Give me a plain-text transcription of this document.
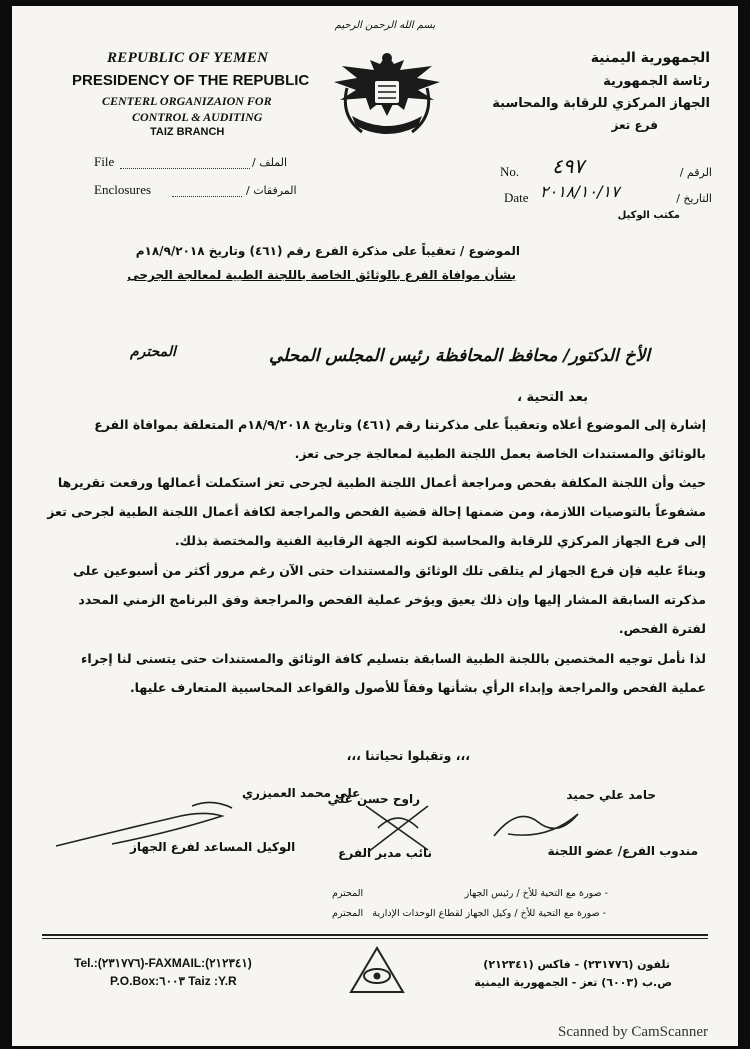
REPUBLIC OF YEMEN
PRESIDENCY OF THE REPUBLIC
CENTERL ORGANIZAION FOR
CONTROL & AUDITING
TAIZ BRANCH
بسم الله الرحمن الرحيم
الجمهورية اليمنية
رئاسة الجمهورية
الجهاز المركزي للرقابة والمحاسبة
فرع تعز
File	الملف /
Enclosures	المرفقات /
No. ٤٩٧	الرقم /
Date ٢٠١٨/١٠/١٧	التاريخ /
مكتب الوكيل
الموضوع / تعقيباً على مذكرة الفرع رقم (٤٦١) وتاريخ ١٨/٩/٢٠١٨م
بشأن موافاة الفرع بالوثائق الخاصة باللجنة الطبية لمعالجة الجرحى
الأخ الدكتور/ محافظ المحافظة رئيس المجلس المحلي
المحترم
بعد التحية ،
إشارة إلى الموضوع أعلاه وتعقيباً على مذكرتنا رقم (٤٦١) وتاريخ ١٨/٩/٢٠١٨م المتعلقة بموافاة الفرع بالوثائق والمستندات الخاصة بعمل اللجنة الطبية لمعالجة جرحى تعز.
حيث وأن اللجنة المكلفة بفحص ومراجعة أعمال اللجنة الطبية لجرحى تعز استكملت أعمالها ورفعت تقريرها مشفوعاً بالتوصيات اللازمة، ومن ضمنها إحالة قضية الفحص والمراجعة لكافة أعمال اللجنة الطبية لجرحى تعز إلى فرع الجهاز المركزي للرقابة والمحاسبة لكونه الجهة الرقابية الفنية والمختصة بذلك.
وبناءً عليه فإن فرع الجهاز لم يتلقى تلك الوثائق والمستندات حتى الآن رغم مرور أكثر من أسبوعين على مذكرته السابقة المشار إليها وإن ذلك يعيق ويؤخر عملية الفحص والمراجعة وفق البرنامج الزمني المحدد لفترة الفحص.
لذا نأمل توجيه المختصين باللجنة الطبية السابقة بتسليم كافة الوثائق والمستندات حتى يتسنى لنا إجراء عملية الفحص والمراجعة وإبداء الرأي بشأنها وفقاً للأصول والقواعد المحاسبية المتعارف عليها.
،،، وتقبلوا تحياتنا ،،،
حامد علي حميد
مندوب الفرع/ عضو اللجنة
راوح حسن علي
نائب مدير الفرع
علي محمد العميزري
الوكيل المساعد لفرع الجهاز
- صورة مع التحية للأخ / رئيس الجهاز
المحترم
- صورة مع التحية للأخ / وكيل الجهاز لقطاع الوحدات الإدارية
المحترم
Tel.:(٢٣١٧٧٦)-FAXMAIL:(٢١٢٣٤١)
P.O.Box:٦٠٠٣ Taiz :Y.R
تلفون (٢٣١٧٧٦) - فاكس (٢١٢٣٤١)
ص.ب (٦٠٠٣) تعز - الجمهورية اليمنية
Scanned by CamScanner
